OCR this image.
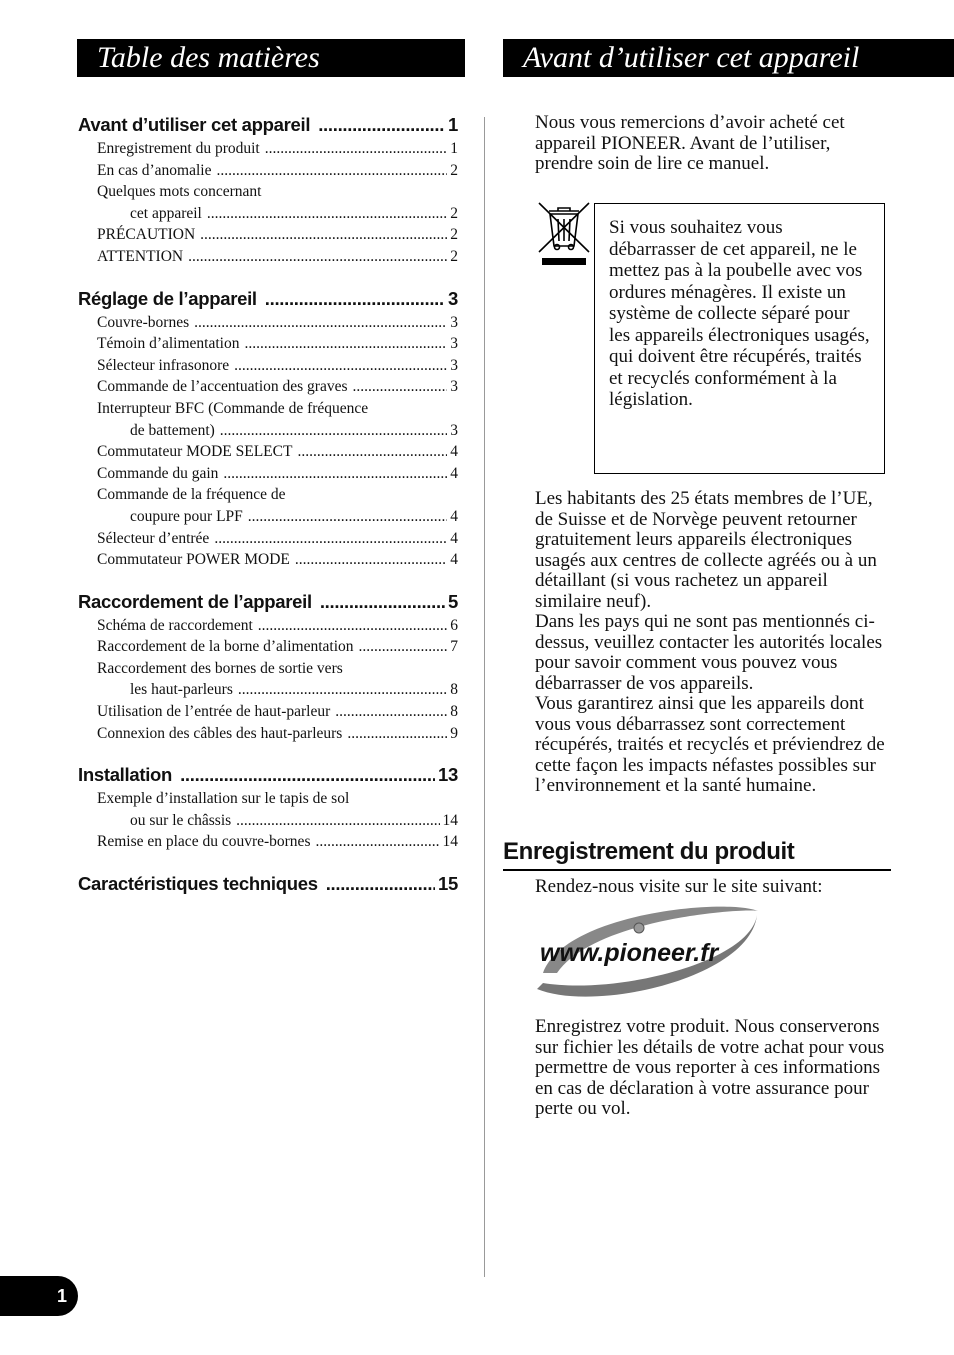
Table des matières	Avant d’utiliser cet appareil
Avant d’utiliser cet appareil .....	1
Enregistrement du produit .....	1
En cas d’anomalie .....	2
Quelques mots concernant
cet appareil .....	2
PRÉCAUTION .....	2
ATTENTION .....	2
Réglage de l’appareil .....	3
Couvre-bornes .....	3
Témoin d’alimentation .....	3
Sélecteur infrasonore .....	3
Commande de l’accentuation des graves .....	3
Interrupteur BFC (Commande de fréquence
de battement) .....	3
Commutateur MODE SELECT .....	4
Commande du gain .....	4
Commande de la fréquence de
coupure pour LPF .....	4
Sélecteur d’entrée .....	4
Commutateur POWER MODE .....	4
Raccordement de l’appareil .....	5
Schéma de raccordement .....	6
Raccordement de la borne d’alimentation .....	7
Raccordement des bornes de sortie vers
les haut-parleurs .....	8
Utilisation de l’entrée de haut-parleur .....	8
Connexion des câbles des haut-parleurs .....	9
Installation .....	13
Exemple d’installation sur le tapis de sol
ou sur le châssis .....	14
Remise en place du couvre-bornes .....	14
Caractéristiques techniques .....	15
Nous vous remercions d’avoir acheté cet appareil PIONEER. Avant de l’utiliser, prendre soin de lire ce manuel.
Si vous souhaitez vous débarrasser de cet appareil, ne le mettez pas à la poubelle avec vos ordures ménagères. Il existe un système de collecte séparé pour les appareils électroniques usagés, qui doivent être récupérés, traités et recyclés conformément à la législation.

Les habitants des 25 états membres de l’UE, de Suisse et de Norvège peuvent retourner gratuitement leurs appareils électroniques usagés aux centres de collecte agréés ou à un détaillant (si vous rachetez un appareil similaire neuf).

Dans les pays qui ne sont pas mentionnés ci-dessus, veuillez contacter les autorités locales pour savoir comment vous pouvez vous débarrasser de vos appareils.

Vous garantirez ainsi que les appareils dont vous vous débarrassez sont correctement récupérés, traités et recyclés et préviendrez de cette façon les impacts néfastes possibles sur l’environnement et la santé humaine.

Enregistrement du produit
Rendez-nous visite sur le site suivant:
www.pioneer.fr
Enregistrez votre produit. Nous conserverons sur fichier les détails de votre achat pour vous permettre de vous reporter à ces informations en cas de déclaration à votre assurance pour perte ou vol.
1
